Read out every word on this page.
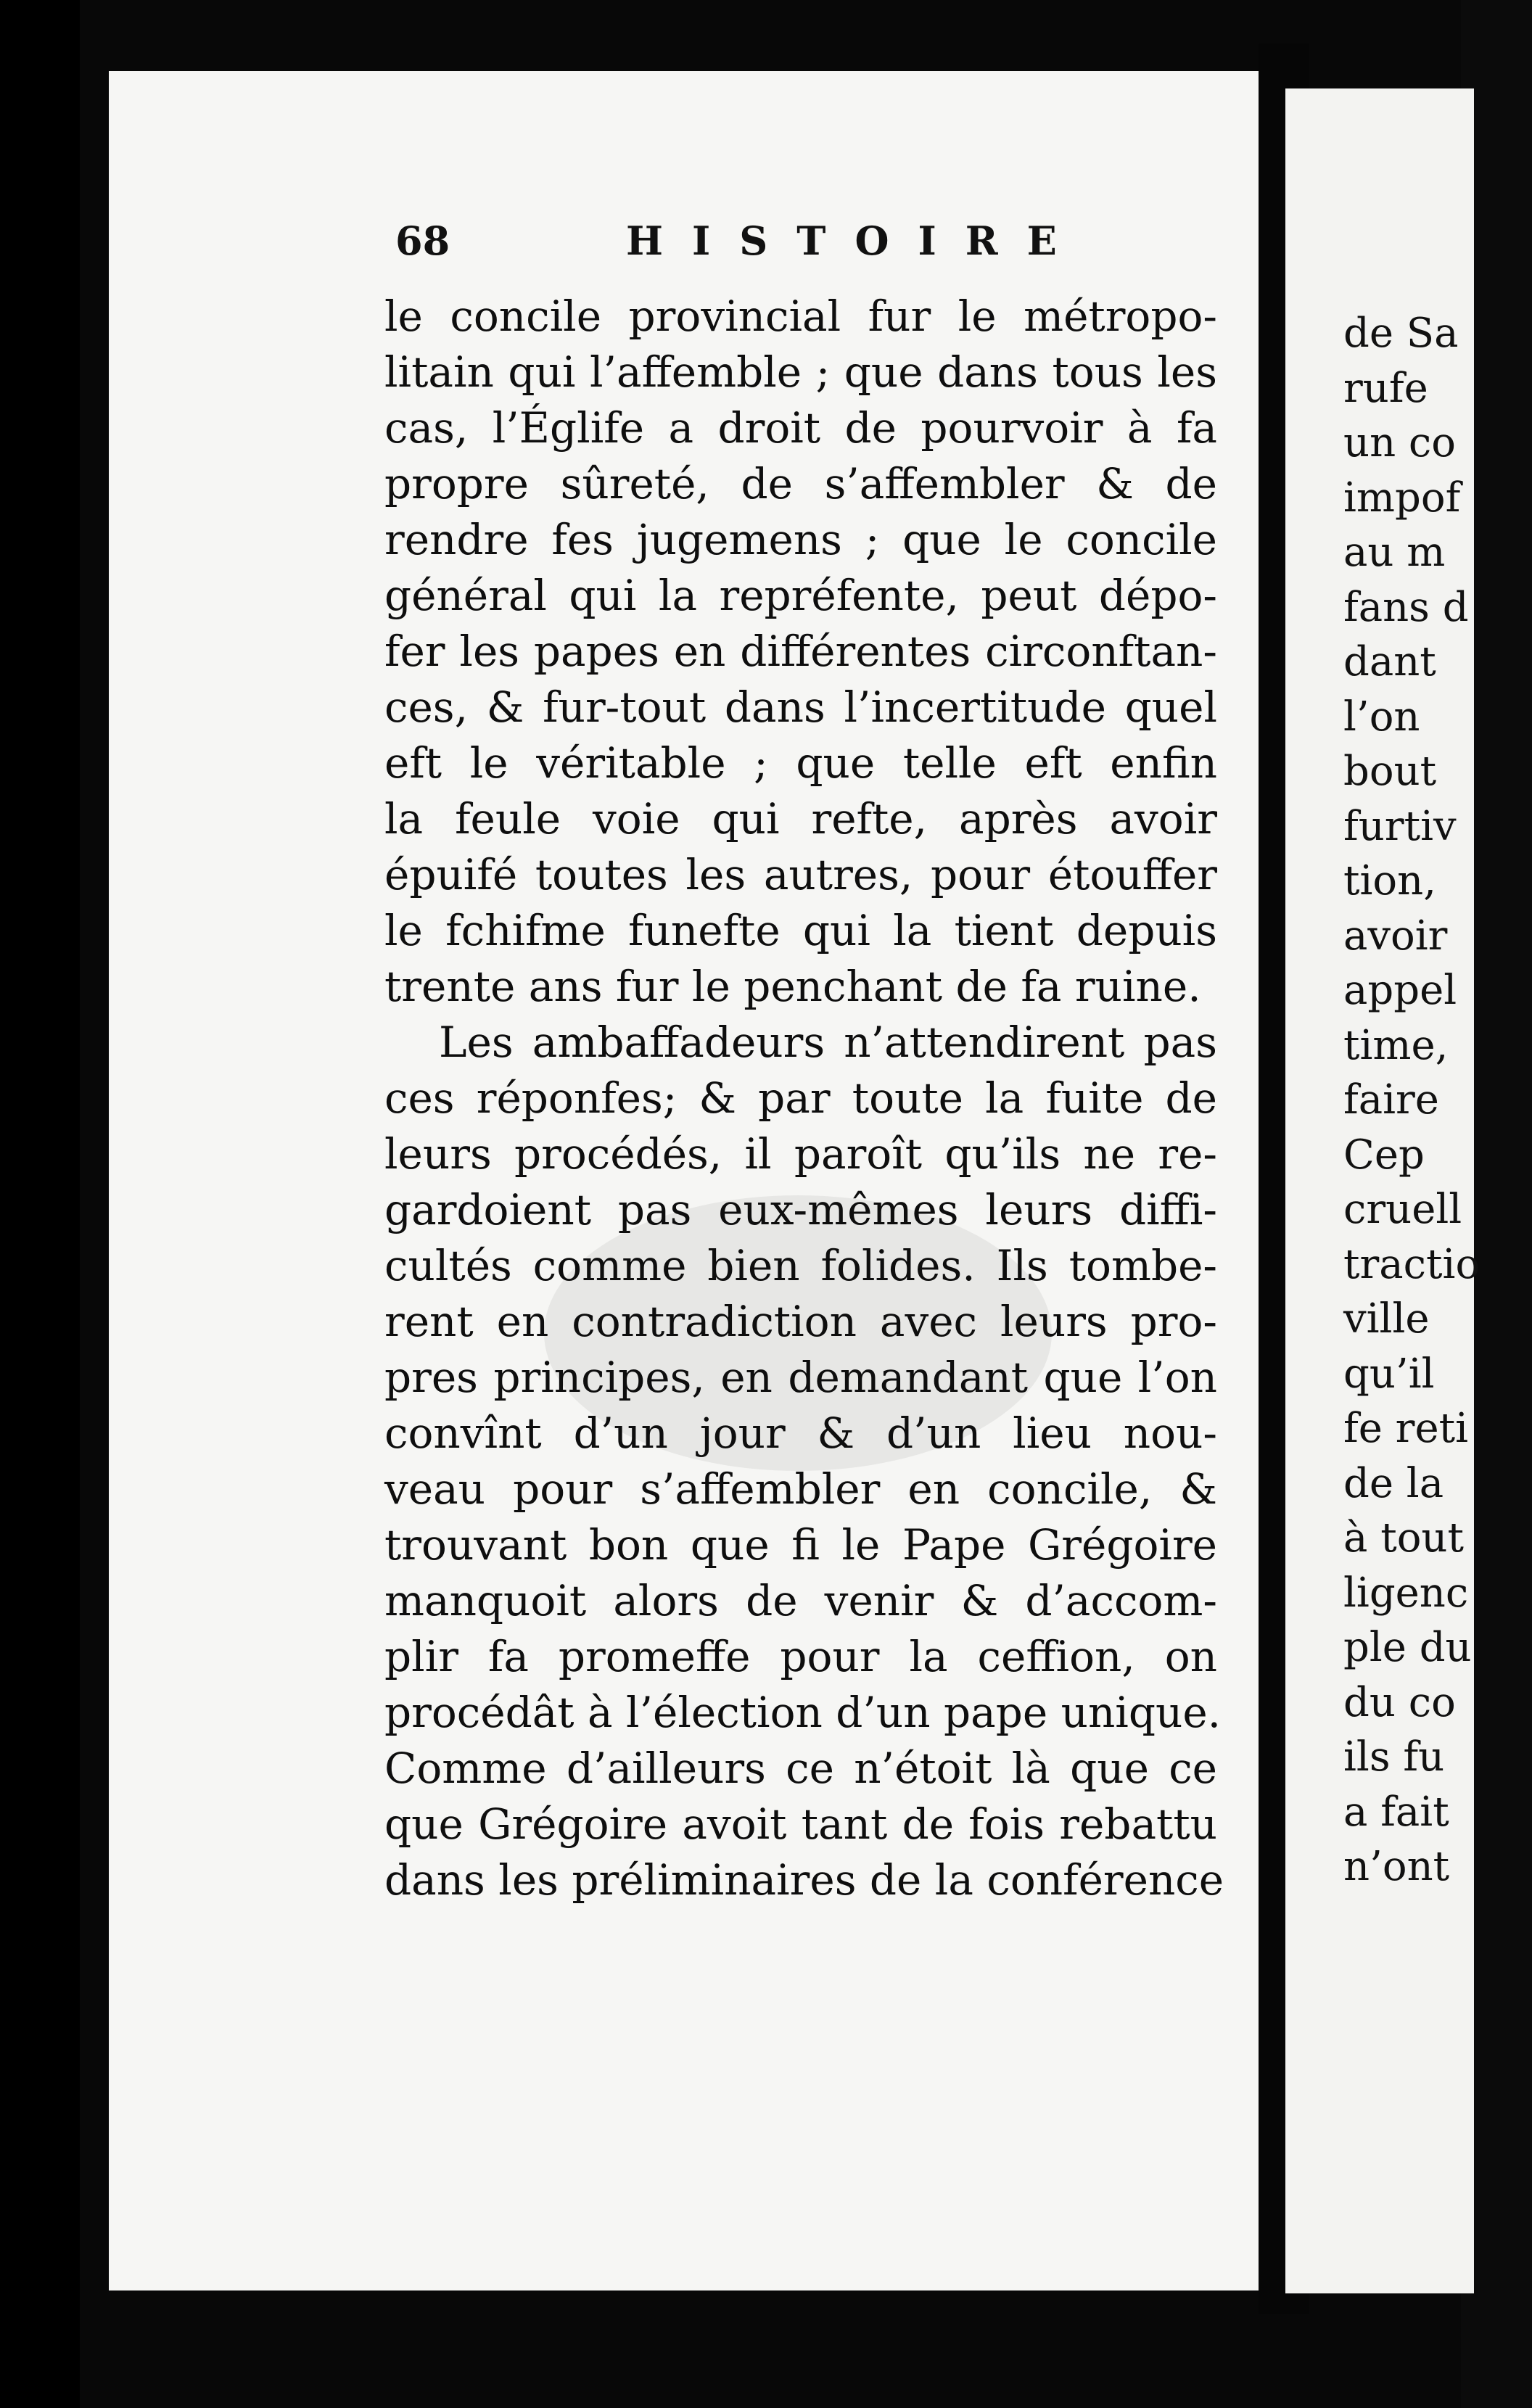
de Sa
rufe
un co
impof
au m
fans d
dant
l’on
bout
furtiv
tion,
avoir
appel
time,
faire
Cep
cruell
tractio
ville
qu’il
fe reti
de la
à tout
ligenc
ple du
du co
ils fu
a fait
n’ont
68	HISTOIRE
le concile provincial fur le métropo-
litain qui l’affemble ; que dans tous les
cas, l’Églife a droit de pourvoir à fa
propre sûreté, de s’affembler & de
rendre fes jugemens ; que le concile
général qui la repréfente, peut dépo-
fer les papes en différentes circonftan-
ces, & fur-tout dans l’incertitude quel
eft le véritable ; que telle eft enfin
la feule voie qui refte, après avoir
épuifé toutes les autres, pour étouffer
le fchifme funefte qui la tient depuis
trente ans fur le penchant de fa ruine.
Les ambaffadeurs n’attendirent pas
ces réponfes; & par toute la fuite de
leurs procédés, il paroît qu’ils ne re-
gardoient pas eux-mêmes leurs diffi-
cultés comme bien folides. Ils tombe-
rent en contradiction avec leurs pro-
pres principes, en demandant que l’on
convînt d’un jour & d’un lieu nou-
veau pour s’affembler en concile, &
trouvant bon que fi le Pape Grégoire
manquoit alors de venir & d’accom-
plir fa promeffe pour la ceffion, on
procédât à l’élection d’un pape unique.
Comme d’ailleurs ce n’étoit là que ce
que Grégoire avoit tant de fois rebattu
dans les préliminaires de la conférence
